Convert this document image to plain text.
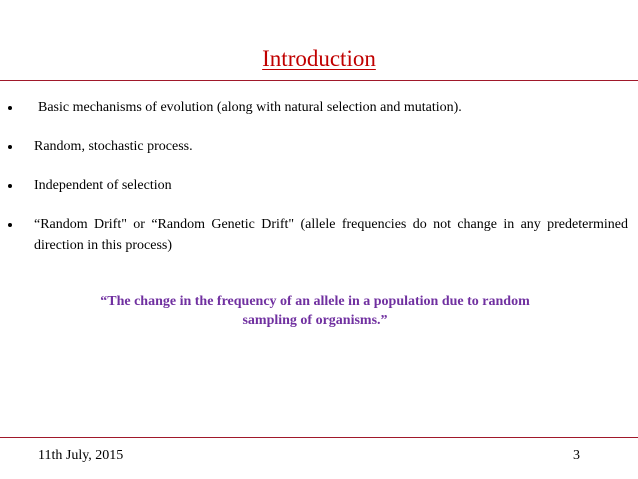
Introduction
Basic mechanisms of evolution (along with natural selection and mutation).
Random, stochastic process.
Independent of selection
“Random Drift" or “Random Genetic Drift" (allele frequencies do not change in any predetermined direction in this process)
“The change in the frequency of an allele in a population due to random
sampling of organisms.”
11th July, 2015	3
